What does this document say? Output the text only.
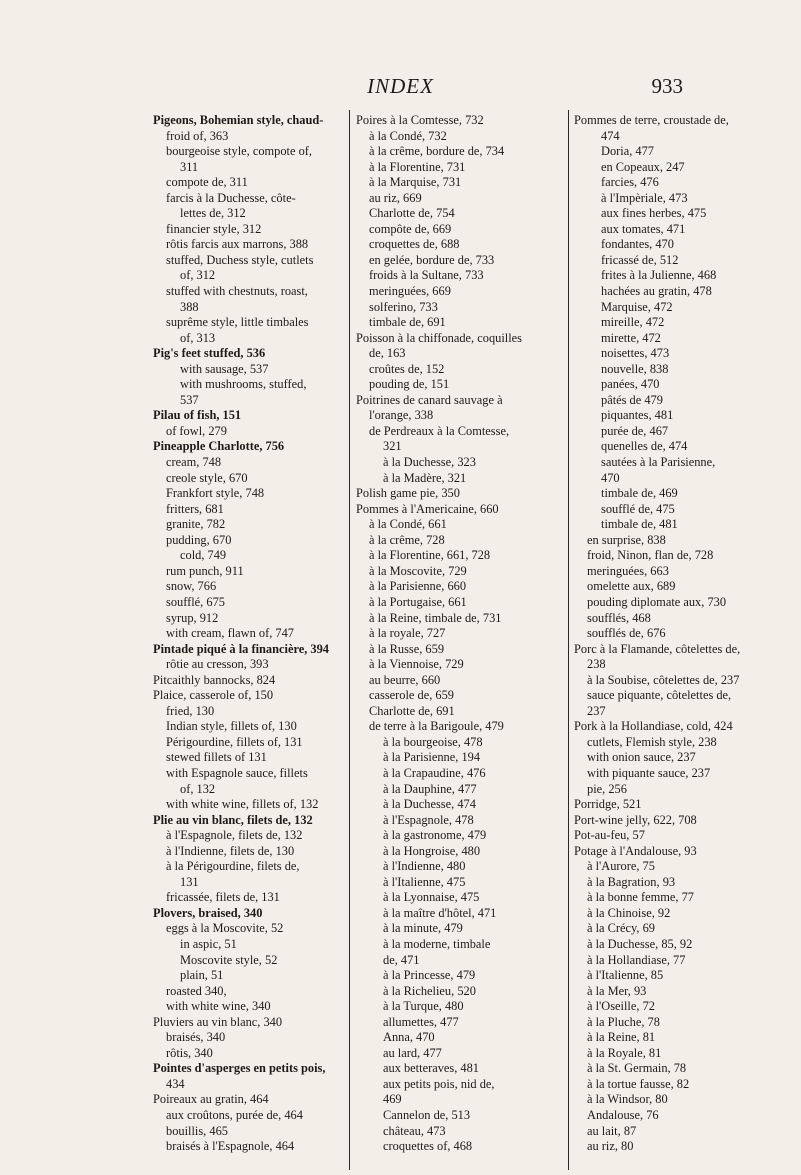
INDEX	933
Pigeons, Bohemian style, chaud-
froid of, 363
bourgeoise style, compote of,
311
compote de, 311
farcis à la Duchesse, côte-
lettes de, 312
financier style, 312
rôtis farcis aux marrons, 388
stuffed, Duchess style, cutlets
of, 312
stuffed with chestnuts, roast,
388
suprême style, little timbales
of, 313
Pig's feet stuffed, 536
with sausage, 537
with mushrooms, stuffed,
537
Pilau of fish, 151
of fowl, 279
Pineapple Charlotte, 756
cream, 748
creole style, 670
Frankfort style, 748
fritters, 681
granite, 782
pudding, 670
cold, 749
rum punch, 911
snow, 766
soufflé, 675
syrup, 912
with cream, flawn of, 747
Pintade piqué à la financière, 394
rôtie au cresson, 393
Pitcaithly bannocks, 824
Plaice, casserole of, 150
fried, 130
Indian style, fillets of, 130
Périgourdine, fillets of, 131
stewed fillets of 131
with Espagnole sauce, fillets
of, 132
with white wine, fillets of, 132
Plie au vin blanc, filets de, 132
à l'Espagnole, filets de, 132
à l'Indienne, filets de, 130
à la Périgourdine, filets de,
131
fricassée, filets de, 131
Plovers, braised, 340
eggs à la Moscovite, 52
in aspic, 51
Moscovite style, 52
plain, 51
roasted 340,
with white wine, 340
Pluviers au vin blanc, 340
braisés, 340
rôtis, 340
Pointes d'asperges en petits pois,
434
Poireaux au gratin, 464
aux croûtons, purée de, 464
bouillis, 465
braisés à l'Espagnole, 464
Poires à la Comtesse, 732
à la Condé, 732
à la crême, bordure de, 734
à la Florentine, 731
à la Marquise, 731
au riz, 669
Charlotte de, 754
compôte de, 669
croquettes de, 688
en gelée, bordure de, 733
froids à la Sultane, 733
meringuées, 669
solferino, 733
timbale de, 691
Poisson à la chiffonade, coquilles
de, 163
croûtes de, 152
pouding de, 151
Poitrines de canard sauvage à
l'orange, 338
de Perdreaux à la Comtesse,
321
à la Duchesse, 323
à la Madère, 321
Polish game pie, 350
Pommes à l'Americaine, 660
à la Condé, 661
à la crême, 728
à la Florentine, 661, 728
à la Moscovite, 729
à la Parisienne, 660
à la Portugaise, 661
à la Reine, timbale de, 731
à la royale, 727
à la Russe, 659
à la Viennoise, 729
au beurre, 660
casserole de, 659
Charlotte de, 691
de terre à la Barigoule, 479
à la bourgeoise, 478
à la Parisienne, 194
à la Crapaudine, 476
à la Dauphine, 477
à la Duchesse, 474
à l'Espagnole, 478
à la gastronome, 479
à la Hongroise, 480
à l'Indienne, 480
à l'Italienne, 475
à la Lyonnaise, 475
à la maître d'hôtel, 471
à la minute, 479
à la moderne, timbale
de, 471
à la Princesse, 479
à la Richelieu, 520
à la Turque, 480
allumettes, 477
Anna, 470
au lard, 477
aux betteraves, 481
aux petits pois, nid de,
469
Cannelon de, 513
château, 473
croquettes of, 468
Pommes de terre, croustade de,
474
Doria, 477
en Copeaux, 247
farcies, 476
à l'Impèriale, 473
aux fines herbes, 475
aux tomates, 471
fondantes, 470
fricassé de, 512
frites à la Julienne, 468
hachées au gratin, 478
Marquise, 472
mireille, 472
mirette, 472
noisettes, 473
nouvelle, 838
panées, 470
pâtés de 479
piquantes, 481
purée de, 467
quenelles de, 474
sautées à la Parisienne,
470
timbale de, 469
soufflé de, 475
timbale de, 481
en surprise, 838
froid, Ninon, flan de, 728
meringuées, 663
omelette aux, 689
pouding diplomate aux, 730
soufflés, 468
soufflés de, 676
Porc à la Flamande, côtelettes de,
238
à la Soubise, côtelettes de, 237
sauce piquante, côtelettes de,
237
Pork à la Hollandiase, cold, 424
cutlets, Flemish style, 238
with onion sauce, 237
with piquante sauce, 237
pie, 256
Porridge, 521
Port-wine jelly, 622, 708
Pot-au-feu, 57
Potage à l'Andalouse, 93
à l'Aurore, 75
à la Bagration, 93
à la bonne femme, 77
à la Chinoise, 92
à la Crécy, 69
à la Duchesse, 85, 92
à la Hollandiase, 77
à l'Italienne, 85
à la Mer, 93
à l'Oseille, 72
à la Pluche, 78
à la Reine, 81
à la Royale, 81
à la St. Germain, 78
à la tortue fausse, 82
à la Windsor, 80
Andalouse, 76
au lait, 87
au riz, 80
